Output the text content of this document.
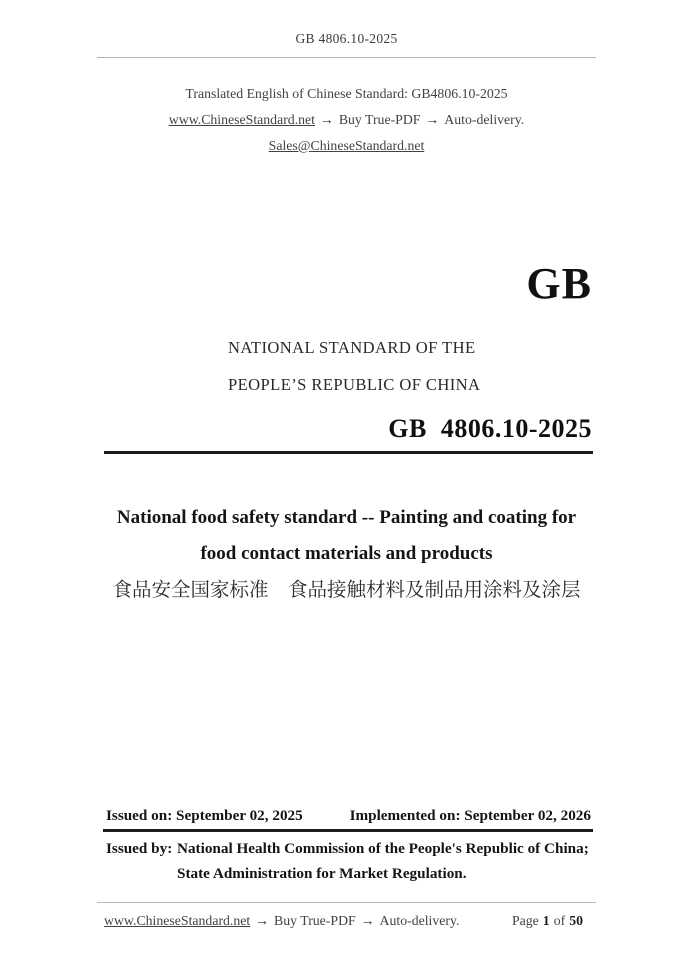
GB 4806.10-2025
Translated English of Chinese Standard: GB4806.10-2025
www.ChineseStandard.net → Buy True-PDF → Auto-delivery.
Sales@ChineseStandard.net
GB
NATIONAL STANDARD OF THE
PEOPLE’S REPUBLIC OF CHINA
GB  4806.10-2025
National food safety standard -- Painting and coating for
food contact materials and products
食品安全国家标准　食品接触材料及制品用涂料及涂层
Issued on: September 02, 2025	Implemented on: September 02, 2026
Issued by: National Health Commission of the People's Republic of China;
State Administration for Market Regulation.
www.ChineseStandard.net → Buy True-PDF → Auto-delivery.	Page 1 of 50
